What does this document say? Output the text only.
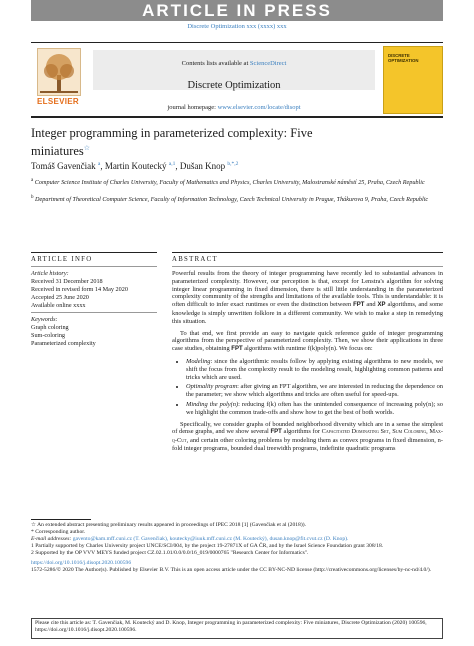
ARTICLE IN PRESS
Discrete Optimization xxx (xxxx) xxx
ELSEVIER
Contents lists available at ScienceDirect
Discrete Optimization
journal homepage: www.elsevier.com/locate/disopt
DISCRETE
OPTIMIZATION
Integer programming in parameterized complexity: Five miniatures☆
Tomáš Gavenčiak $^a$, Martin Koutecký $^{a,1}$, Dušan Knop $^{b,*,2}$
$^a$ Computer Science Institute of Charles University, Faculty of Mathematics and Physics, Charles University, Malostranské náměstí 25, Praha, Czech Republic
$^b$ Department of Theoretical Computer Science, Faculty of Information Technology, Czech Technical University in Prague, Thákurova 9, Praha, Czech Republic
ARTICLE INFO
Article history:
Received 31 December 2018
Received in revised form 14 May 2020
Accepted 25 June 2020
Available online xxxx
Keywords:
Graph coloring
Sum-coloring
Parameterized complexity
ABSTRACT

Powerful results from the theory of integer programming have recently led to substantial advances in parameterized complexity. However, our perception is that, except for Lenstra's algorithm for solving integer linear programming in fixed dimension, there is still little understanding in the parameterized complexity community of the strengths and limitations of the available tools. This is understandable: it is often difficult to infer exact runtimes or even the distinction between FPT and XP algorithms, and some knowledge is simply unwritten folklore in a different community. We wish to make a step in remedying this situation.

To that end, we first provide an easy to navigate quick reference guide of integer programming algorithms from the perspective of parameterized complexity. Then, we show their applications in three case studies, obtaining FPT algorithms with runtime f(k)poly(n). We focus on:

• Modeling: since the algorithmic results follow by applying existing algorithms to new models, we shift the focus from the complexity result to the modeling result, highlighting common patterns and tricks which are used.
• Optimality program: after giving an FPT algorithm, we are interested in reducing the dependence on the parameter; we show which algorithms and tricks are often useful for speed-ups.
• Minding the poly(n): reducing f(k) often has the unintended consequence of increasing poly(n); so we highlight the common trade-offs and show how to get the best of both worlds.

Specifically, we consider graphs of bounded neighborhood diversity which are in a sense the simplest of dense graphs, and we show several FPT algorithms for Capacitated Dominating Set, Sum Coloring, Max-q-Cut, and certain other coloring problems by modeling them as convex programs in fixed dimension, n-fold integer programs, bounded dual treewidth programs, indefinite quadratic programs

☆ An extended abstract presenting preliminary results appeared in proceedings of IPEC 2018 [1] (Gavenčiak et al (2018)).
* Corresponding author.
E-mail addresses: gavento@kam.mff.cuni.cz (T. Gavenčiak), koutecky@iuuk.mff.cuni.cz (M. Koutecký), dusan.knop@fit.cvut.cz (D. Knop).
1 Partially supported by Charles University project UNCE/SCI/004, by the project 19-27871X of GA ČR, and by the Israel Science Foundation grant 308/18.
2 Supported by the OP VVV MEYS funded project CZ.02.1.01/0.0/0.0/16_019/0000765 "Research Center for Informatics".
https://doi.org/10.1016/j.disopt.2020.100596
1572-5286/© 2020 The Author(s). Published by Elsevier B.V. This is an open access article under the CC BY-NC-ND license (http://creativecommons.org/licenses/by-nc-nd/4.0/).
Please cite this article as: T. Gavenčiak, M. Koutecký and D. Knop, Integer programming in parameterized complexity: Five miniatures, Discrete Optimization (2020) 100596, https://doi.org/10.1016/j.disopt.2020.100596.
